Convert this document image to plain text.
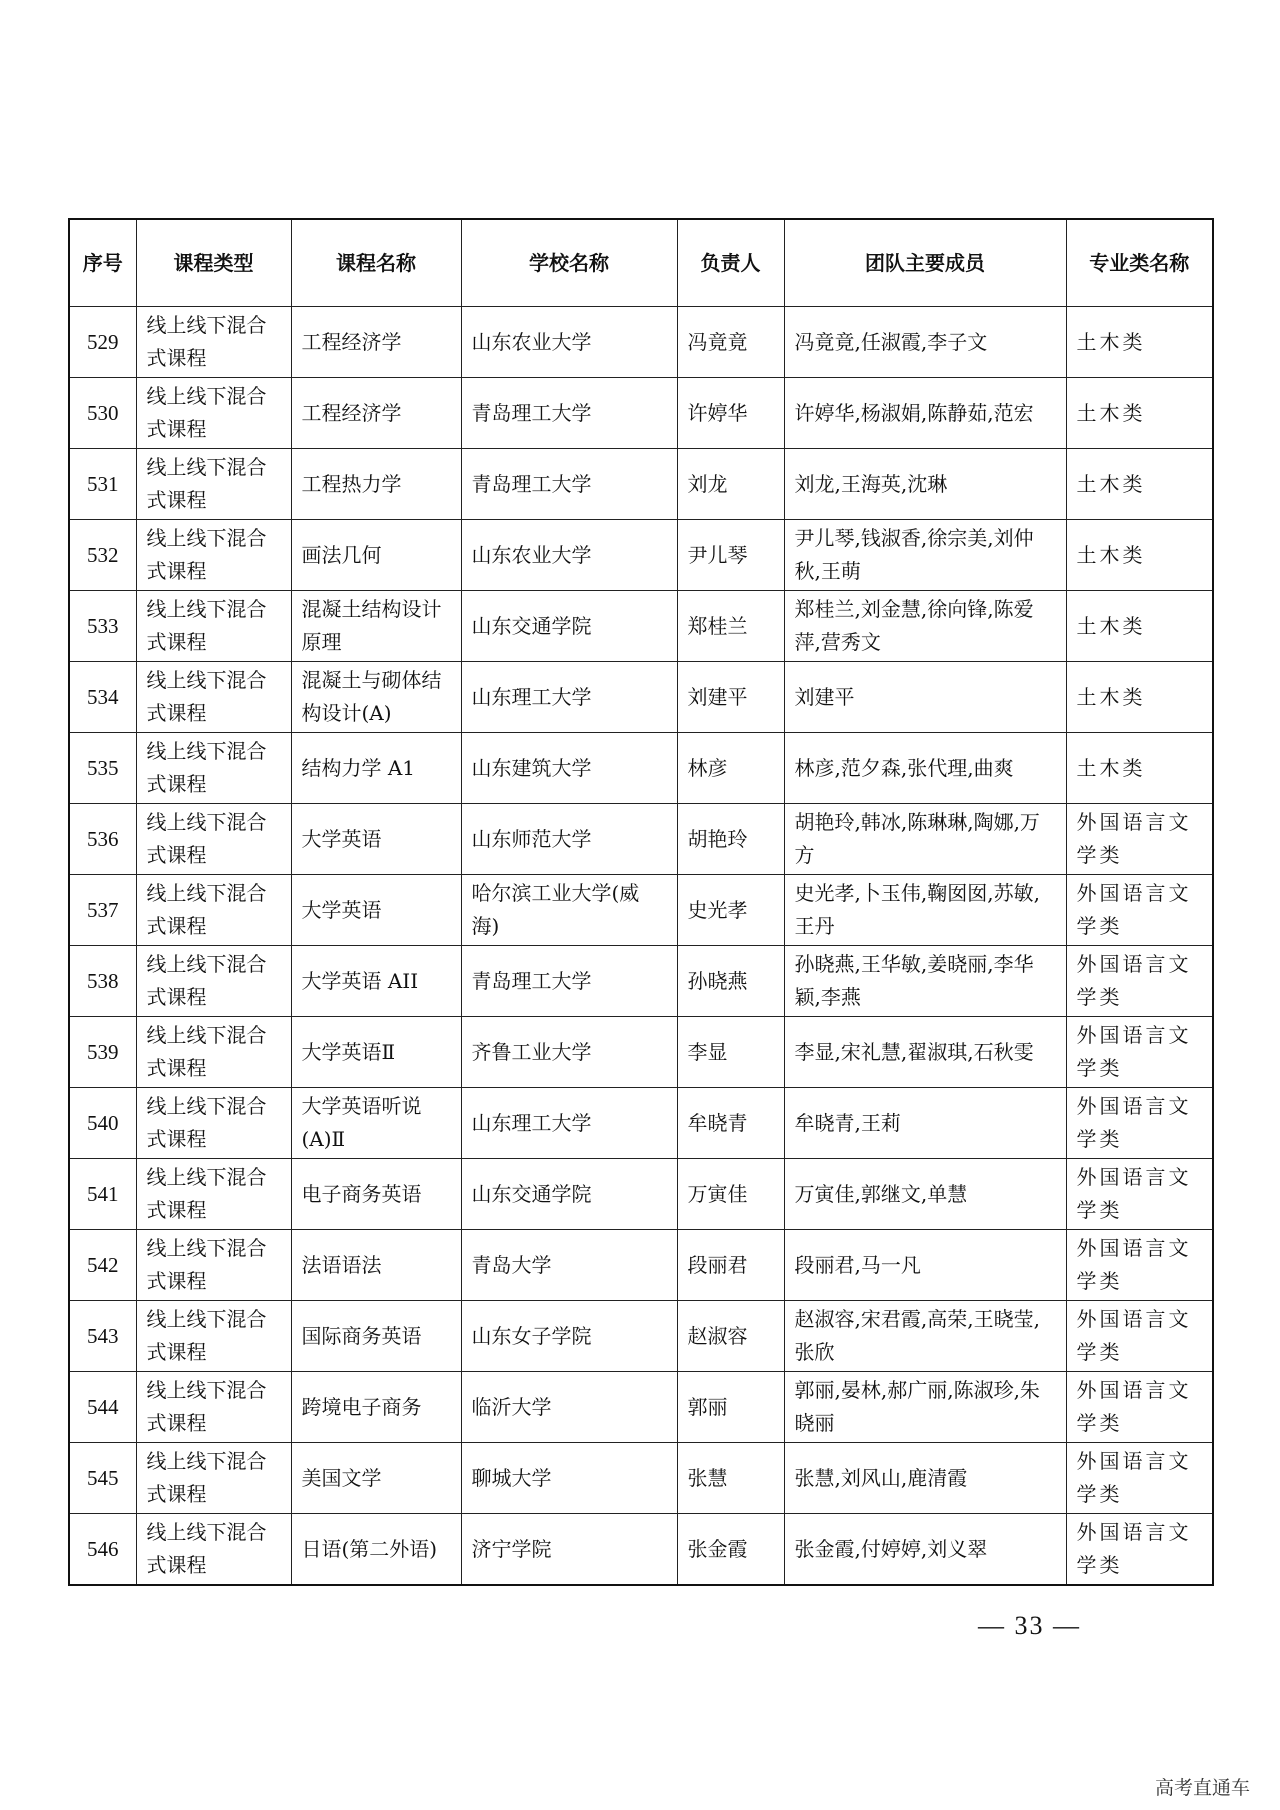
序号	课程类型	课程名称	学校名称	负责人	团队主要成员	专业类名称
529	线上线下混合式课程	工程经济学	山东农业大学	冯竟竟	冯竟竟,任淑霞,李子文	土木类
530	线上线下混合式课程	工程经济学	青岛理工大学	许婷华	许婷华,杨淑娟,陈静茹,范宏	土木类
531	线上线下混合式课程	工程热力学	青岛理工大学	刘龙	刘龙,王海英,沈琳	土木类
532	线上线下混合式课程	画法几何	山东农业大学	尹儿琴	尹儿琴,钱淑香,徐宗美,刘仲秋,王萌	土木类
533	线上线下混合式课程	混凝土结构设计原理	山东交通学院	郑桂兰	郑桂兰,刘金慧,徐向锋,陈爱萍,营秀文	土木类
534	线上线下混合式课程	混凝土与砌体结构设计(A)	山东理工大学	刘建平	刘建平	土木类
535	线上线下混合式课程	结构力学 A1	山东建筑大学	林彦	林彦,范夕森,张代理,曲爽	土木类
536	线上线下混合式课程	大学英语	山东师范大学	胡艳玲	胡艳玲,韩冰,陈琳琳,陶娜,万方	外国语言文学类
537	线上线下混合式课程	大学英语	哈尔滨工业大学(威海)	史光孝	史光孝,卜玉伟,鞠囡囡,苏敏,王丹	外国语言文学类
538	线上线下混合式课程	大学英语 AII	青岛理工大学	孙晓燕	孙晓燕,王华敏,姜晓丽,李华颖,李燕	外国语言文学类
539	线上线下混合式课程	大学英语Ⅱ	齐鲁工业大学	李显	李显,宋礼慧,翟淑琪,石秋雯	外国语言文学类
540	线上线下混合式课程	大学英语听说(A)Ⅱ	山东理工大学	牟晓青	牟晓青,王莉	外国语言文学类
541	线上线下混合式课程	电子商务英语	山东交通学院	万寅佳	万寅佳,郭继文,单慧	外国语言文学类
542	线上线下混合式课程	法语语法	青岛大学	段丽君	段丽君,马一凡	外国语言文学类
543	线上线下混合式课程	国际商务英语	山东女子学院	赵淑容	赵淑容,宋君霞,高荣,王晓莹,张欣	外国语言文学类
544	线上线下混合式课程	跨境电子商务	临沂大学	郭丽	郭丽,晏林,郝广丽,陈淑珍,朱晓丽	外国语言文学类
545	线上线下混合式课程	美国文学	聊城大学	张慧	张慧,刘风山,鹿清霞	外国语言文学类
546	线上线下混合式课程	日语(第二外语)	济宁学院	张金霞	张金霞,付婷婷,刘义翠	外国语言文学类
— 33 —
高考直通车
